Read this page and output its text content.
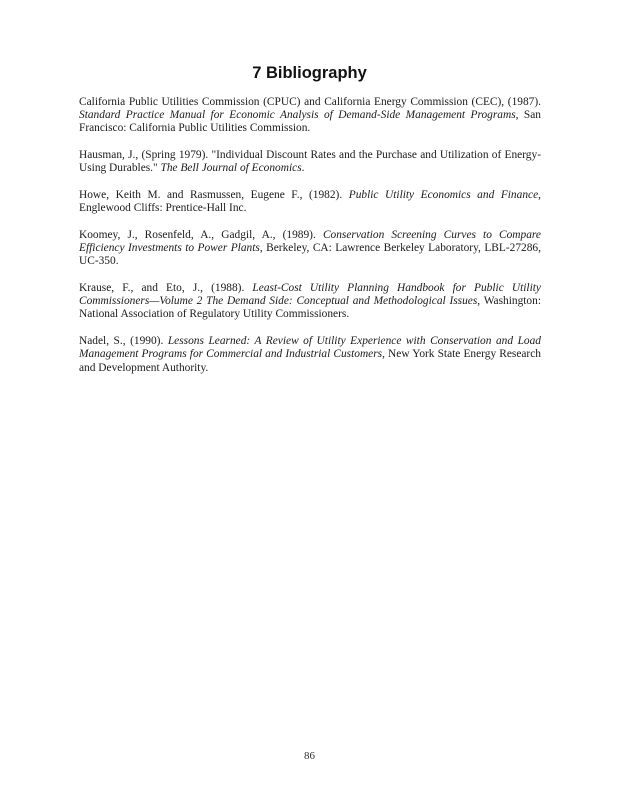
7 Bibliography

California Public Utilities Commission (CPUC) and California Energy Commission (CEC), (1987). Standard Practice Manual for Economic Analysis of Demand-Side Management Programs, San Francisco: California Public Utilities Commission.

Hausman, J., (Spring 1979). "Individual Discount Rates and the Purchase and Utilization of Energy-Using Durables." The Bell Journal of Economics.

Howe, Keith M. and Rasmussen, Eugene F., (1982). Public Utility Economics and Finance, Englewood Cliffs: Prentice-Hall Inc.

Koomey, J., Rosenfeld, A., Gadgil, A., (1989). Conservation Screening Curves to Compare Efficiency Investments to Power Plants, Berkeley, CA: Lawrence Berkeley Laboratory, LBL-27286, UC-350.

Krause, F., and Eto, J., (1988). Least-Cost Utility Planning Handbook for Public Utility Commissioners—Volume 2 The Demand Side: Conceptual and Methodological Issues, Washington: National Association of Regulatory Utility Commissioners.

Nadel, S., (1990). Lessons Learned: A Review of Utility Experience with Conservation and Load Management Programs for Commercial and Industrial Customers, New York State Energy Research and Development Authority.

86
